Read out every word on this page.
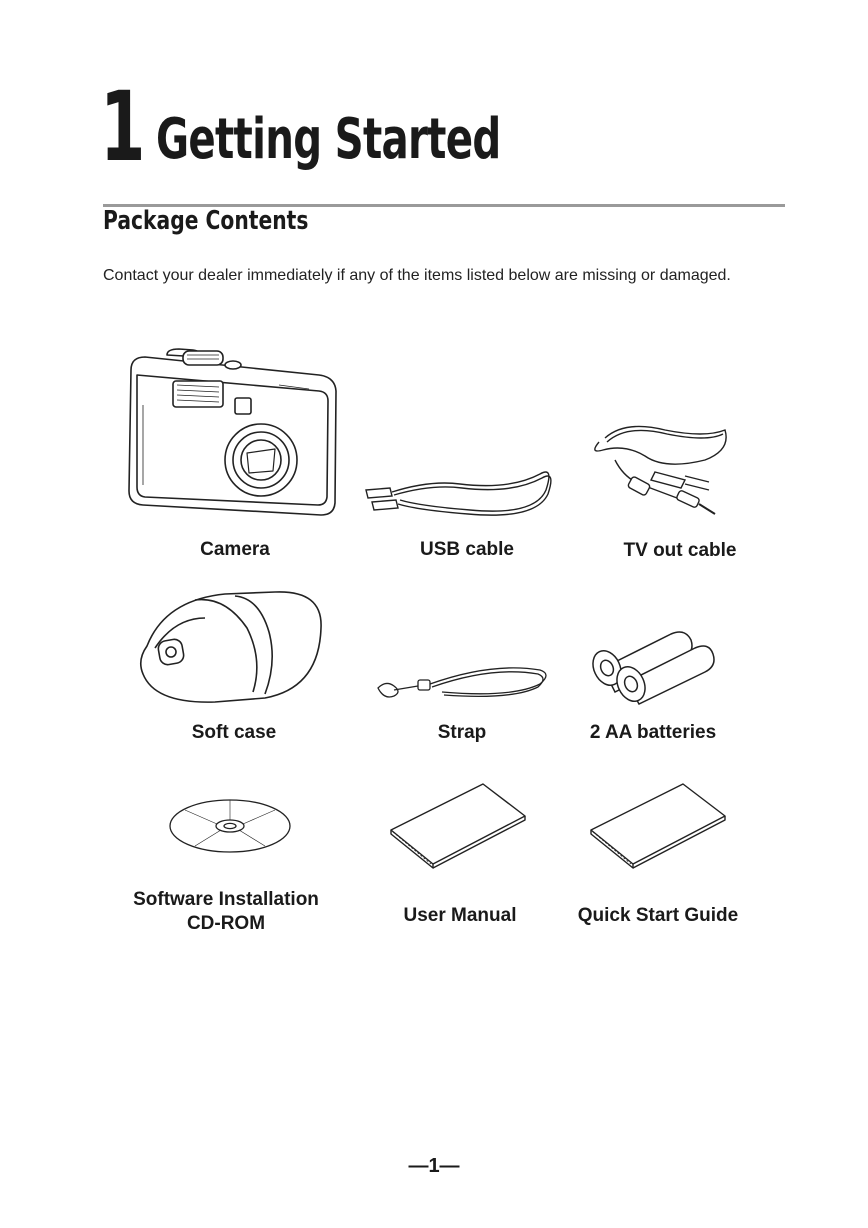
1 Getting Started
Package Contents
Contact your dealer immediately if any of the items listed below are missing or damaged.
Camera	USB cable	TV out cable
Soft case	Strap	2 AA batteries
Software Installation
CD-ROM	User Manual	Quick Start Guide
—1—
